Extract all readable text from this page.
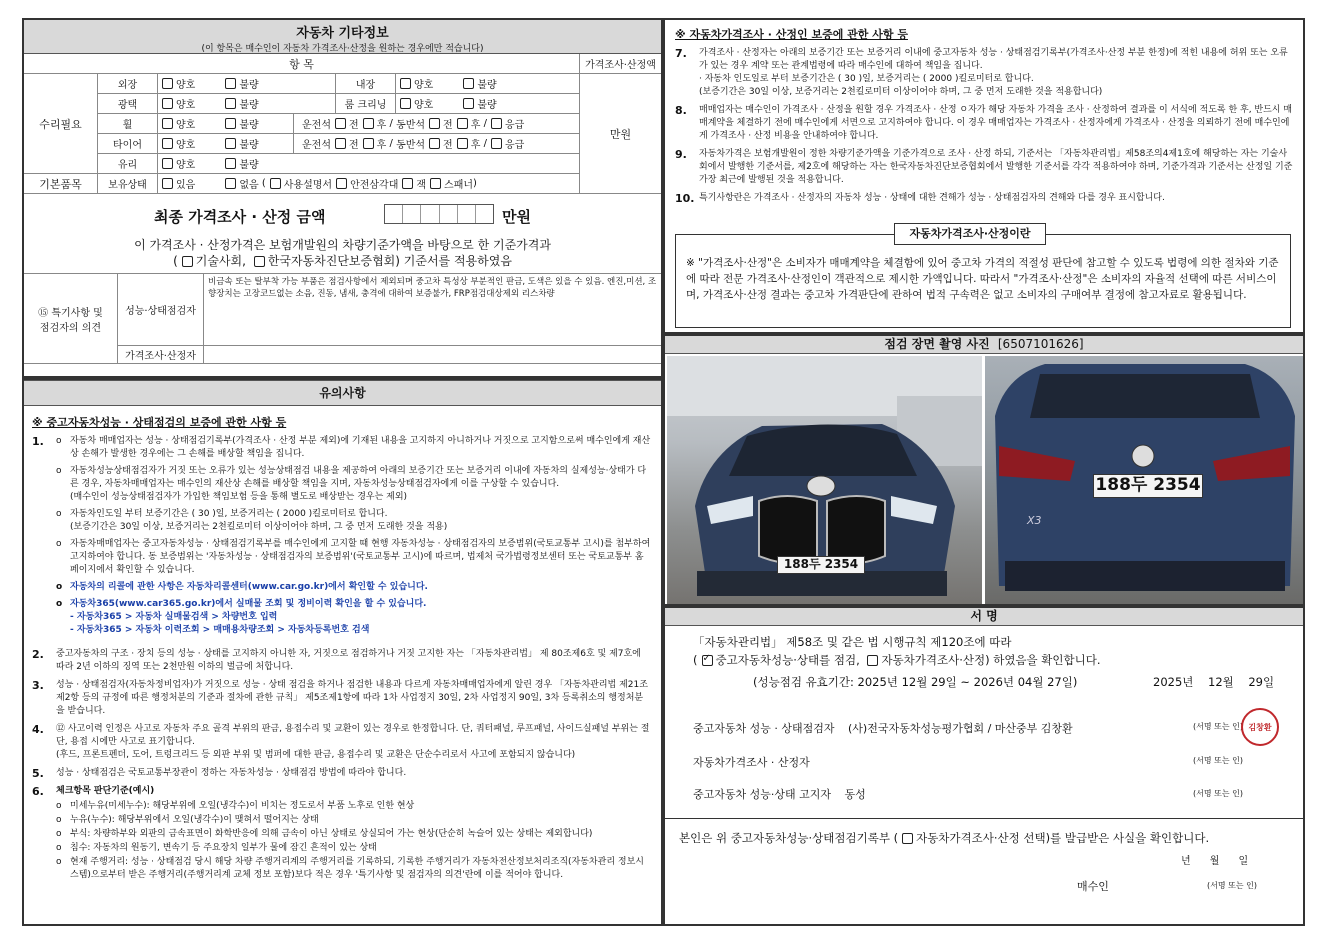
자동차 기타정보
(이 항목은 매수인이 자동차 가격조사·산정을 원하는 경우에만 적습니다)
항 목	가격조사·산정액
수리필요
기본품목
만원
외장	양호	불량	내장	양호	불량
광택	양호	불량	룸 크리닝	양호	불량
휠	양호	불량	운전석 전 후 / 동반석 전 후 / 응급
타이어	양호	불량	운전석 전 후 / 동반석 전 후 / 응급
유리	양호	불량
보유상태	있음	없음 ( 사용설명서 안전삼각대 잭 스패너 )
최종 가격조사 · 산정 금액	만원
이 가격조사 · 산정가격은 보험개발원의 차량기준가액을 바탕으로 한 기준가격과
( 기술사회, 한국자동차진단보증협회) 기준서를 적용하였음
⑮ 특기사항 및
점검자의 의견
성능·상태점검자
비금속 또는 탈부착 가능 부품은 점검사항에서 제외되며 중고차 특성상 부분적인 판금, 도색은 있을 수 있음. 엔진,미션, 조향장치는 고장코드없는 소음, 진동, 냄새, 충격에 대하여 보증불가, FRP점검대상제외 리스차량
가격조사·산정자
유의사항
※ 중고자동차성능 · 상태점검의 보증에 관한 사항 등
1.	o 자동차 매매업자는 성능 · 상태점검기록부(가격조사 · 산정 부분 제외)에 기재된 내용을 고지하지 아니하거나 거짓으로 고지함으로써 매수인에게 재산상 손해가 발생한 경우에는 그 손해를 배상할 책임을 집니다.
o 자동차성능상태점검자가 거짓 또는 오류가 있는 성능상태점검 내용을 제공하여 아래의 보증기간 또는 보증거리 이내에 자동차의 실제성능·상태가 다른 경우, 자동차매매업자는 매수인의 재산상 손해를 배상할 책임을 지며, 자동차성능상태점검자에게 이를 구상할 수 있습니다.
(매수인이 성능상태점검자가 가입한 책임보험 등을 통해 별도로 배상받는 경우는 제외)
o 자동차인도일 부터 보증기간은 ( 30 )일, 보증거리는 ( 2000 )킬로미터로 합니다.
(보증기간은 30일 이상, 보증거리는 2천킬로미터 이상이어야 하며, 그 중 먼저 도래한 것을 적용)
o 자동차매매업자는 중고자동차성능 · 상태점검기록부를 매수인에게 고지할 때 현행 자동차성능 · 상태점검자의 보증범위(국토교통부 고시)를 첨부하여 고지하여야 합니다. 동 보증범위는 '자동차성능 · 상태점검자의 보증범위'(국토교통부 고시)에 따르며, 법제처 국가법령정보센터 또는 국토교통부 홈페이지에서 확인할 수 있습니다.
o 자동차의 리콜에 관한 사항은 자동차리콜센터(www.car.go.kr)에서 확인할 수 있습니다.
o 자동차365(www.car365.go.kr)에서 실매물 조회 및 정비이력 확인을 할 수 있습니다.
- 자동차365 > 자동차 실매물검색 > 차량번호 입력
- 자동차365 > 자동차 이력조회 > 매매용차량조회 > 자동차등록번호 검색
2.	중고자동차의 구조 · 장치 등의 성능 · 상태를 고지하지 아니한 자, 거짓으로 점검하거나 거짓 고지한 자는 「자동차관리법」 제 80조제6호 및 제7호에 따라 2년 이하의 징역 또는 2천만원 이하의 벌금에 처합니다.
3.	성능 · 상태점검자(자동차정비업자)가 거짓으로 성능 · 상태 점검을 하거나 점검한 내용과 다르게 자동차매매업자에게 알린 경우 「자동차관리법 제21조제2항 등의 규정에 따른 행정처분의 기준과 절차에 관한 규칙」 제5조제1항에 따라 1차 사업정지 30일, 2차 사업정지 90일, 3차 등록취소의 행정처분을 받습니다.
4.	⑫ 사고이력 인정은 사고로 자동차 주요 골격 부위의 판금, 용접수리 및 교환이 있는 경우로 한정합니다. 단, 쿼터패널, 루프패널, 사이드실패널 부위는 절단, 용접 시에만 사고로 표기합니다.
(후드, 프론트펜더, 도어, 트렁크리드 등 외판 부위 및 범퍼에 대한 판금, 용접수리 및 교환은 단순수리로서 사고에 포함되지 않습니다)
5.	성능 · 상태점검은 국토교통부장관이 정하는 자동차성능 · 상태점검 방법에 따라야 합니다.
6.	체크항목 판단기준(예시)
o 미세누유(미세누수): 해당부위에 오일(냉각수)이 비치는 정도로서 부품 노후로 인한 현상
o 누유(누수): 해당부위에서 오일(냉각수)이 맺혀서 떨어지는 상태
o 부식: 차량하부와 외판의 금속표면이 화학반응에 의해 금속이 아닌 상태로 상실되어 가는 현상(단순히 녹슬어 있는 상태는 제외합니다)
o 침수: 자동차의 원동기, 변속기 등 주요장치 일부가 물에 잠긴 흔적이 있는 상태
o 현재 주행거리: 성능 · 상태점검 당시 해당 차량 주행거리계의 주행거리를 기록하되, 기록한 주행거리가 자동차전산정보처리조직(자동차관리 정보시스템)으로부터 받은 주행거리(주행거리계 교체 정보 포함)보다 적은 경우 '특기사항 및 점검자의 의견'란에 이를 적어야 합니다.
※ 자동차가격조사 · 산정인 보증에 관한 사항 등
7.	가격조사 · 산정자는 아래의 보증기간 또는 보증거리 이내에 중고자동차 성능 · 상태점검기록부(가격조사·산정 부분 한정)에 적힌 내용에 허위 또는 오류가 있는 경우 계약 또는 관계법령에 따라 매수인에 대하여 책임을 집니다.
· 자동차 인도일로 부터 보증기간은 ( 30 )일, 보증거리는 ( 2000 )킬로미터로 합니다.
(보증기간은 30일 이상, 보증거리는 2천킬로미터 이상이어야 하며, 그 중 먼저 도래한 것을 적용합니다)
8.	매매업자는 매수인이 가격조사 · 산정을 원할 경우 가격조사 · 산정 ㅇ자가 해당 자동차 가격을 조사 · 산정하여 결과를 이 서식에 적도록 한 후, 반드시 매매계약을 체결하기 전에 매수인에게 서면으로 고지하여야 합니다. 이 경우 매매업자는 가격조사 · 산정자에게 가격조사 · 산정을 의뢰하기 전에 매수인에게 가격조사 · 산정 비용을 안내하여야 합니다.
9.	자동차가격은 보험개발원이 정한 차량기준가액을 기준가격으로 조사 · 산정 하되, 기준서는 「자동차관리법」제58조의4제1호에 해당하는 자는 기술사회에서 발행한 기준서를, 제2호에 해당하는 자는 한국자동차진단보증협회에서 발행한 기준서를 각각 적용하여야 하며, 기준가격과 기준서는 산정일 기준 가장 최근에 발행된 것을 적용합니다.
10. 특기사항란은 가격조사 · 산정자의 자동차 성능 · 상태에 대한 견해가 성능 · 상태점검자의 견해와 다를 경우 표시합니다.
자동차가격조사·산정이란
※ "가격조사·산정"은 소비자가 매매계약을 체결함에 있어 중고차 가격의 적절성 판단에 참고할 수 있도록 법령에 의한 절차와 기준에 따라 전문 가격조사·산정인이 객관적으로 제시한 가액입니다. 따라서 "가격조사·산정"은 소비자의 자율적 선택에 따른 서비스이며, 가격조사·산정 결과는 중고차 가격판단에 관하여 법적 구속력은 없고 소비자의 구매여부 결정에 참고자료로 활용됩니다.
점검 장면 촬영 사진 [6507101626]
188두 2354
188두 2354
X3
서 명
「자동차관리법」 제58조 및 같은 법 시행규칙 제120조에 따라
(✓ 중고자동차성능·상태를 점검, 자동차가격조사·산정) 하였음을 확인합니다.
(성능점검 유효기간: 2025년 12월 29일 ~ 2026년 04월 27일)	2025년    12월    29일
중고자동차 성능 · 상태점검자 (사)전국자동차성능평가협회 / 마산중부 김창환	(서명 또는 인) 김창환
자동차가격조사 · 산정자	(서명 또는 인)
중고자동차 성능·상태 고지자 동성	(서명 또는 인)
본인은 위 중고자동차성능·상태점검기록부 ( 자동차가격조사·산정 선택)를 발급받은 사실을 확인합니다.
년      월      일
매수인	(서명 또는 인)
